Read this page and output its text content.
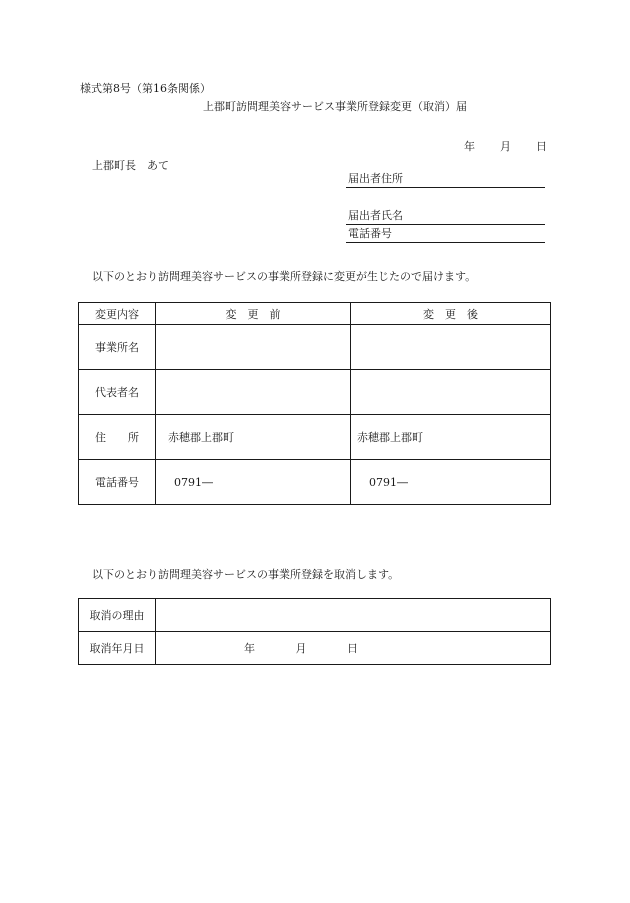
様式第8号（第16条関係）
上郡町訪問理美容サービス事業所登録変更（取消）届
年 月 日
上郡町長　あて
届出者住所
届出者氏名
電話番号
以下のとおり訪問理美容サービスの事業所登録に変更が生じたので届けます。
変更内容	変　更　前	変　更　後
事業所名		
代表者名		
住　　所	赤穂郡上郡町	赤穂郡上郡町
電話番号	0791―	0791―
以下のとおり訪問理美容サービスの事業所登録を取消します。
取消の理由	
取消年月日	年 月 日
